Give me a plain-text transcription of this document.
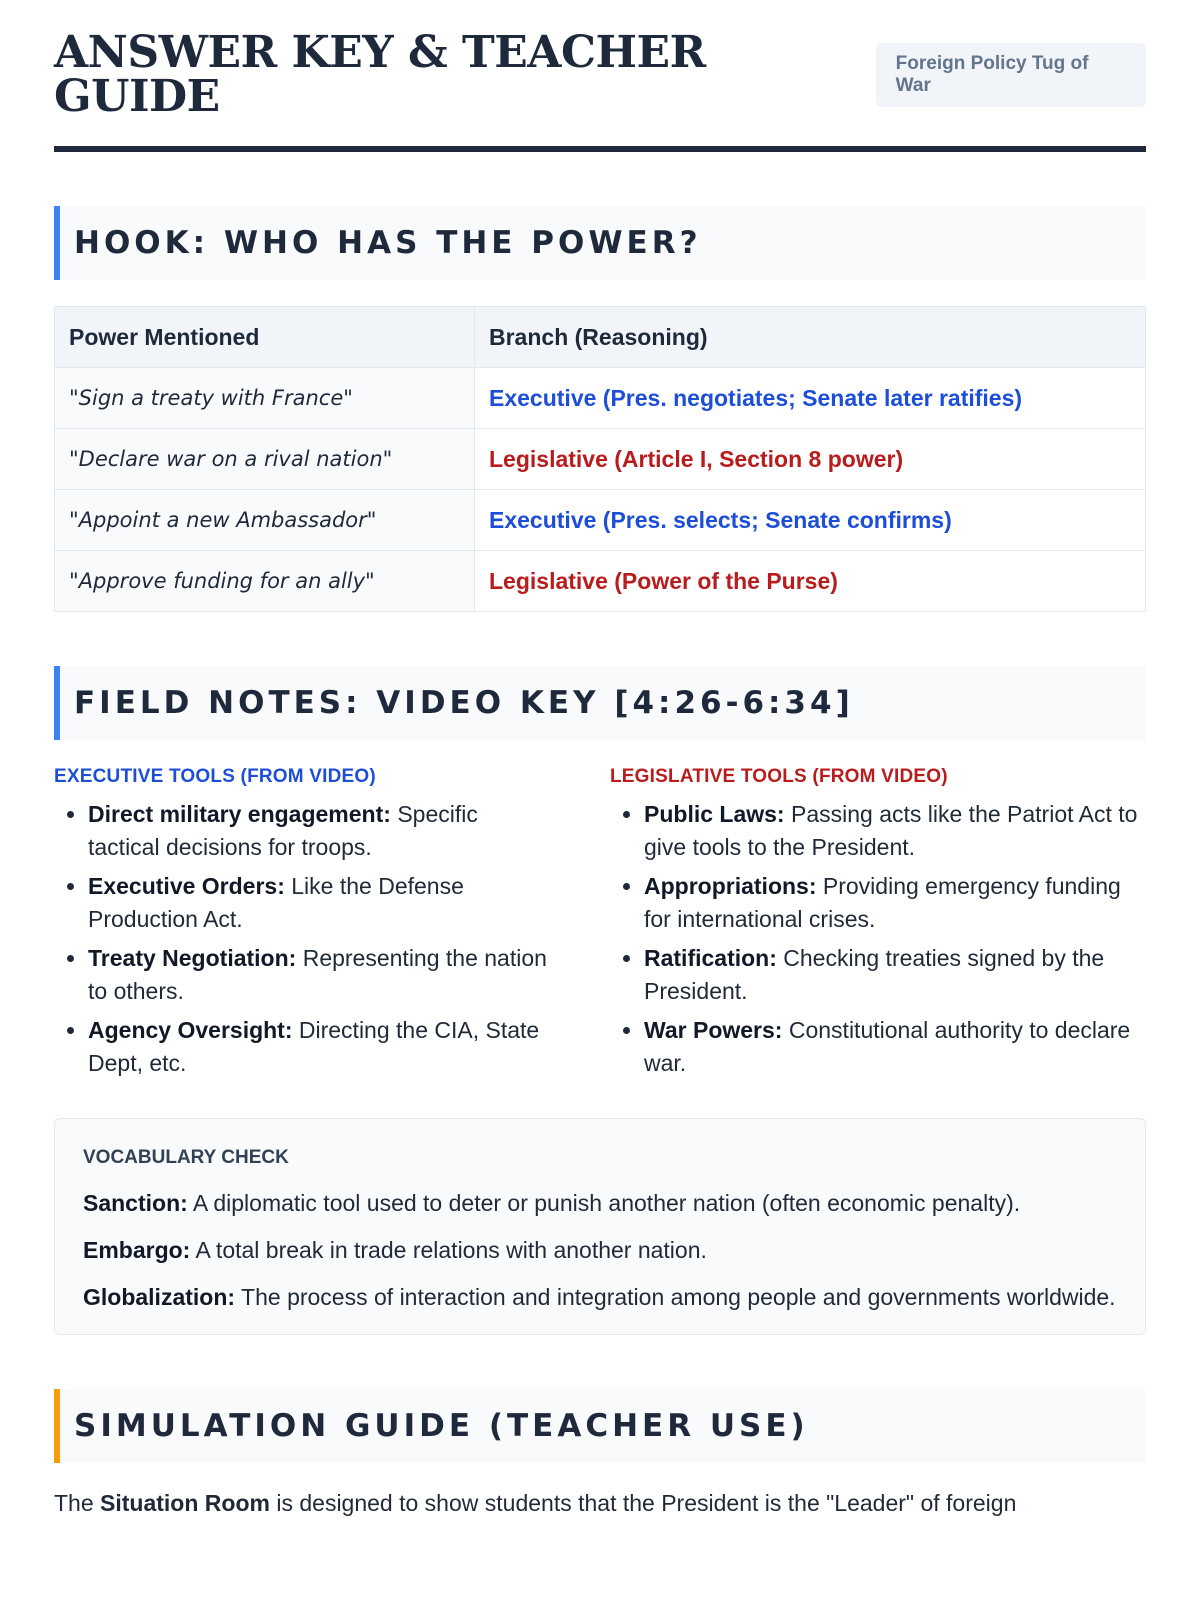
ANSWER KEY & TEACHER GUIDE
Foreign Policy Tug of War
HOOK: WHO HAS THE POWER?
Power Mentioned	Branch (Reasoning)
"Sign a treaty with France"	Executive (Pres. negotiates; Senate later ratifies)
"Declare war on a rival nation"	Legislative (Article I, Section 8 power)
"Appoint a new Ambassador"	Executive (Pres. selects; Senate confirms)
"Approve funding for an ally"	Legislative (Power of the Purse)
FIELD NOTES: VIDEO KEY [4:26-6:34]
EXECUTIVE TOOLS (FROM VIDEO)
• Direct military engagement: Specific tactical decisions for troops.
• Executive Orders: Like the Defense Production Act.
• Treaty Negotiation: Representing the nation to others.
• Agency Oversight: Directing the CIA, State Dept, etc.
LEGISLATIVE TOOLS (FROM VIDEO)
• Public Laws: Passing acts like the Patriot Act to give tools to the President.
• Appropriations: Providing emergency funding for international crises.
• Ratification: Checking treaties signed by the President.
• War Powers: Constitutional authority to declare war.
VOCABULARY CHECK

Sanction: A diplomatic tool used to deter or punish another nation (often economic penalty).

Embargo: A total break in trade relations with another nation.

Globalization: The process of interaction and integration among people and governments worldwide.

SIMULATION GUIDE (TEACHER USE)
The Situation Room is designed to show students that the President is the "Leader" of foreign
